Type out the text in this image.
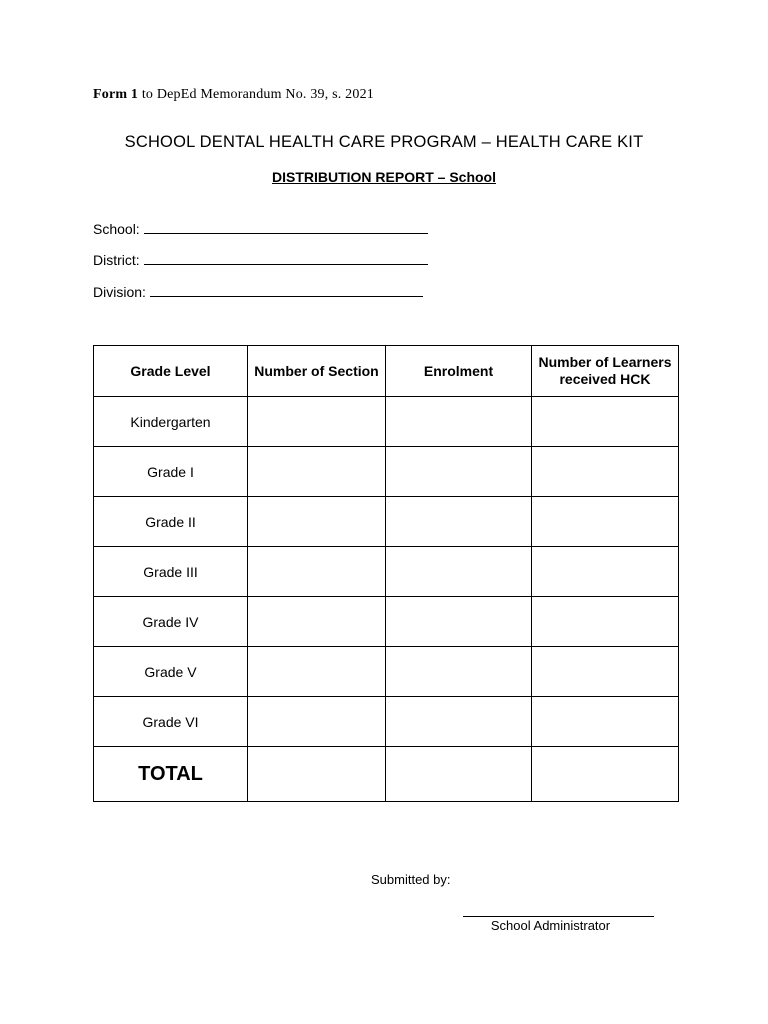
Form 1 to DepEd Memorandum No. 39, s. 2021
SCHOOL DENTAL HEALTH CARE PROGRAM – HEALTH CARE KIT
DISTRIBUTION REPORT – School
School:
District:
Division:
Grade Level	Number of Section	Enrolment	Number of Learners received HCK
Kindergarten			
Grade I			
Grade II			
Grade III			
Grade IV			
Grade V			
Grade VI			
TOTAL			
Submitted by:
School Administrator
